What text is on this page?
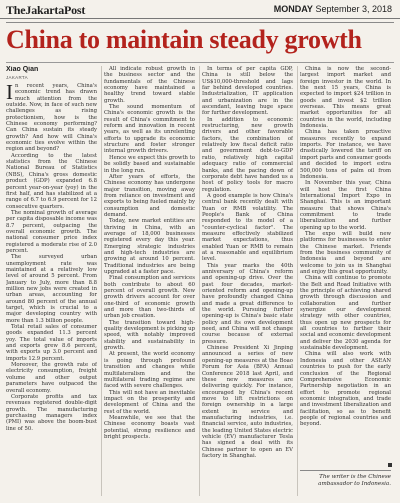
TheJakartaPost	MONDAY September 3, 2018
China to maintain steady growth
Xiao Qian
JAKARTA

In recent years, China's economic trend has drawn much attention from the outside. Now, in face of such new challenges as rising protectionism, how is the Chinese economy performing? Can China sustain its steady growth? And how will China's economic ties evolve within the region and beyond?

According to the latest statistics from the Chinese National Bureau of Statistics (NBS), China's gross domestic product (GDP) expanded 6.8 percent year-on-year (yoy) in the first half, and has stabilized at a range of 6.7 to 6.9 percent for 12 consecutive quarters.

The nominal growth of average per capita disposable income was 8.7 percent, outpacing the overall economic growth. The national consumer price index registered a moderate rise of 2.0 percent.

The surveyed urban unemployment rate was maintained at a relatively low level of around 5 percent. From January to July, more than 8.8 million new jobs were created in urban areas, accounting for around 80 percent of the annual target, which is crucial to a major developing country with more than 1.3 billion people.

Total retail sales of consumer goods expanded 11.3 percent yoy. The total value of imports and exports grew 8.6 percent, with exports up 3.0 percent and imports 12.9 percent.

Moreover, the growth rate of electricity consumption, freight volume and other output parameters have outpaced the overall economy.

Corporate profits and tax revenues registered double-digit growth. The manufacturing purchasing managers index (PMI) was above the boom-bust line of 50.

All indicate robust growth in the business sector and the fundamentals of the Chinese economy have maintained a healthy trend toward stable growth.

The sound momentum of China's economic growth is the result of China's commitment to reform and innovation in recent years, as well as its unrelenting efforts to upgrade its economic structure and foster stronger internal growth drivers.

Hence we expect this growth to be solidly based and sustainable in the long run.

After years of efforts, the Chinese economy has undergone major transition, moving away from reliance on investment and exports to being fueled mainly by consumption and domestic demand.

Today, new market entities are thriving in China, with an average of 18,000 businesses registered every day this year. Emerging strategic industries and high-tech industries are growing at around 10 percent. Traditional industries are being upgraded at a faster pace.

Final consumption and services both contribute to about 60 percent of overall growth. New growth drivers account for over one-third of economic growth and more than two-thirds of urban job creation.

The transition toward high-quality development is picking up speed, with notably improved stability and sustainability in growth.

At present, the world economy is going through profound transition and changes while multilateralism and the multilateral trading regime are faced with severe challenges.

This will not have an inevitable impact on the prosperity and development of China and the rest of the world.

Meanwhile, we see that the Chinese economy boasts vast potential, strong resilience and bright prospects.

In terms of per capita GDP, China is still below the US$10,000-threshold and lags far behind developed countries. Industrialization, IT application and urbanization are in the ascendant, leaving huge space for further development.

In addition to economic restructuring, new growth drivers and other favorable factors, the combination of relatively low fiscal deficit ratio and government debt-to-GDP ratio, relatively high capital adequacy ratio of commercial banks, and the pacing down of corporate debt have handed us a host of policy tools for macro regulation.

A good example is how China's central bank recently dealt with Yuan or RMB volatility. The People's Bank of China responded to its model of a "counter-cyclical factor". The measure effectively stabilized market expectations, thus enabled Yuan or RMB to remain at a reasonable and equilibrium level.

This year marks the 40th anniversary of China's reform and opening-up drive. Over the past four decades, market-oriented reform and opening-up have profoundly changed China and made a great difference to the world. Pursuing further opening-up is China's basic state policy and its own development need, and China will not change course because of external pressure.

Chinese President Xi Jinping announced a series of new opening-up measures at the Boao Forum for Asia (BFA) Annual Conference 2018 last April, and these new measures are delivering quickly. For instance, encouraged by China's recent move to lift restrictions on foreign ownership in a large extent in service and manufacturing industries, i.e. financial service, auto industries, the leading United States electric vehicle (EV) manufacturer Tesla has signed a deal with its Chinese partner to open an EV factory in Shanghai.

China is now the second-largest import market and foreign investor in the world. In the next 15 years, China is expected to import $24 trillion in goods and invest $2 trillion overseas. This means great market opportunities for all countries in the world, including Indonesia.

China has taken proactive measures recently to expand imports. For instance, we have drastically lowered the tariff on import parts and consumer goods and decided to import extra 500,000 tons of palm oil from Indonesia.

In November this year, China will host the first China International Import Expo in Shanghai. This is an important measure that shows China's commitment to trade liberalization and further opening up to the world.

The expo will build new platforms for businesses to enter the Chinese market. Friends from the business community of Indonesia and beyond are welcome to join us in Shanghai and enjoy this great opportunity.

China will continue to promote the Belt and Road Initiative with the principle of achieving shared growth through discussion and collaboration and further synergize our development strategy with other countries, thus open up new prospects for all countries to further their social and economic development and deliver the 2030 agenda for sustainable development.

China will also work with Indonesia and other ASEAN countries to push for the early conclusion of the Regional Comprehensive Economic Partnership negotiation in an effort to promote regional economic integration, and trade and investment liberalization and facilitation, so as to benefit people of regional countries and beyond.

The writer is the Chinese ambassador to Indonesia.
